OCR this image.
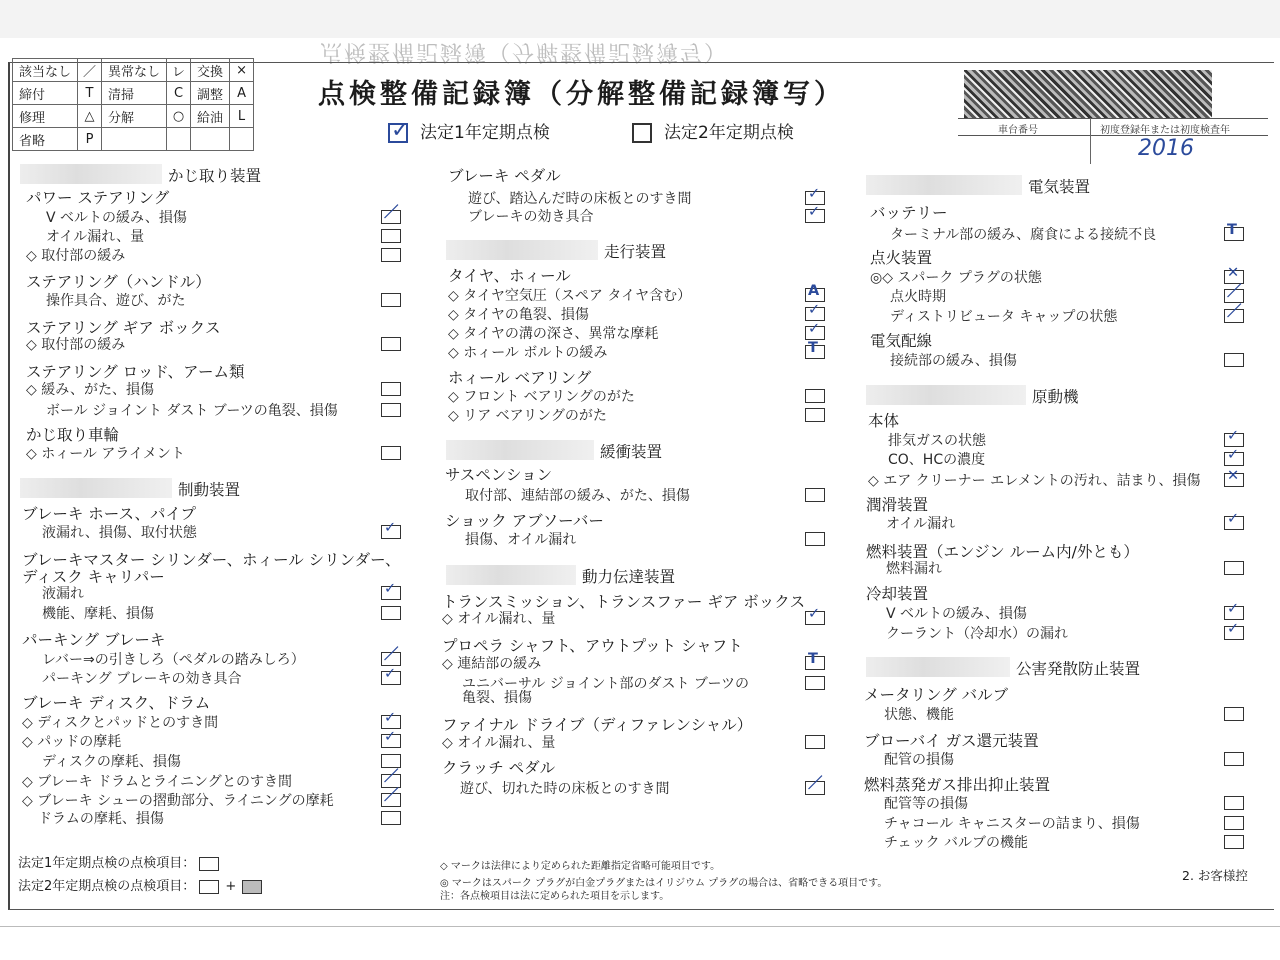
点検整備記録簿（分解整備記録簿写）
該当なし	／	異常なし	レ	交換	×
締付	T	清掃	C	調整	A
修理	△	分解	○	給油	L
省略	P				
点検整備記録簿（分解整備記録簿写）
✓法定1年定期点検	法定2年定期点検	車台番号	初度登録年または初度検査年
2016
かじ取り装置
パワー ステアリング
V ベルトの緩み、損傷	／
オイル漏れ、量
◇ 取付部の緩み
ステアリング（ハンドル）
操作具合、遊び、がた
ステアリング ギア ボックス
◇ 取付部の緩み
ステアリング ロッド、アーム類
◇ 緩み、がた、損傷
ボール ジョイント ダスト ブーツの亀裂、損傷
かじ取り車輪
◇ ホィール アライメント
制動装置
ブレーキ ホース、パイプ
液漏れ、損傷、取付状態	✓
ブレーキマスター シリンダー、ホィール シリンダー、
ディスク キャリパー
液漏れ	✓
機能、摩耗、損傷
パーキング ブレーキ
レバー⇒の引きしろ（ペダルの踏みしろ）	／
パーキング ブレーキの効き具合	✓
ブレーキ ディスク、ドラム
◇ ディスクとパッドとのすき間	✓
◇ パッドの摩耗	✓
ディスクの摩耗、損傷
◇ ブレーキ ドラムとライニングとのすき間	／
◇ ブレーキ シューの摺動部分、ライニングの摩耗	／
ドラムの摩耗、損傷
ブレーキ ペダル
遊び、踏込んだ時の床板とのすき間	✓
ブレーキの効き具合	✓
走行装置
タイヤ、ホィール
◇ タイヤ空気圧（スペア タイヤ含む）	A
◇ タイヤの亀裂、損傷	✓
◇ タイヤの溝の深さ、異常な摩耗	✓
◇ ホィール ボルトの緩み	T
ホィール ベアリング
◇ フロント ベアリングのがた
◇ リア ベアリングのがた
緩衝装置
サスペンション
取付部、連結部の緩み、がた、損傷
ショック アブソーバー
損傷、オイル漏れ
動力伝達装置
トランスミッション、トランスファー ギア ボックス
◇ オイル漏れ、量	✓
プロペラ シャフト、アウトプット シャフト
◇ 連結部の緩み	T
ユニバーサル ジョイント部のダスト ブーツの
亀裂、損傷
ファイナル ドライブ（ディファレンシャル）
◇ オイル漏れ、量
クラッチ ペダル
遊び、切れた時の床板とのすき間	／
電気装置
バッテリー
ターミナル部の緩み、腐食による接続不良	T
点火装置
◎◇ スパーク プラグの状態	✕
点火時期	／
ディストリビュータ キャップの状態	／
電気配線
接続部の緩み、損傷
原動機
本体
排気ガスの状態	✓
CO、HCの濃度	✓
◇ エア クリーナー エレメントの汚れ、詰まり、損傷 ✕
潤滑装置
オイル漏れ	✓
燃料装置（エンジン ルーム内/外とも）
燃料漏れ
冷却装置
V ベルトの緩み、損傷	✓
クーラント（冷却水）の漏れ	✓
公害発散防止装置
メータリング バルブ
状態、機能
ブローバイ ガス還元装置
配管の損傷
燃料蒸発ガス排出抑止装置
配管等の損傷
チャコール キャニスターの詰まり、損傷
チェック バルブの機能
法定1年定期点検の点検項目：
法定2年定期点検の点検項目： +
◇ マークは法律により定められた距離指定省略可能項目です。
◎ マークはスパーク プラグが白金プラグまたはイリジウム プラグの場合は、省略できる項目です。
注：各点検項目は法に定められた項目を示します。
2. お客様控
